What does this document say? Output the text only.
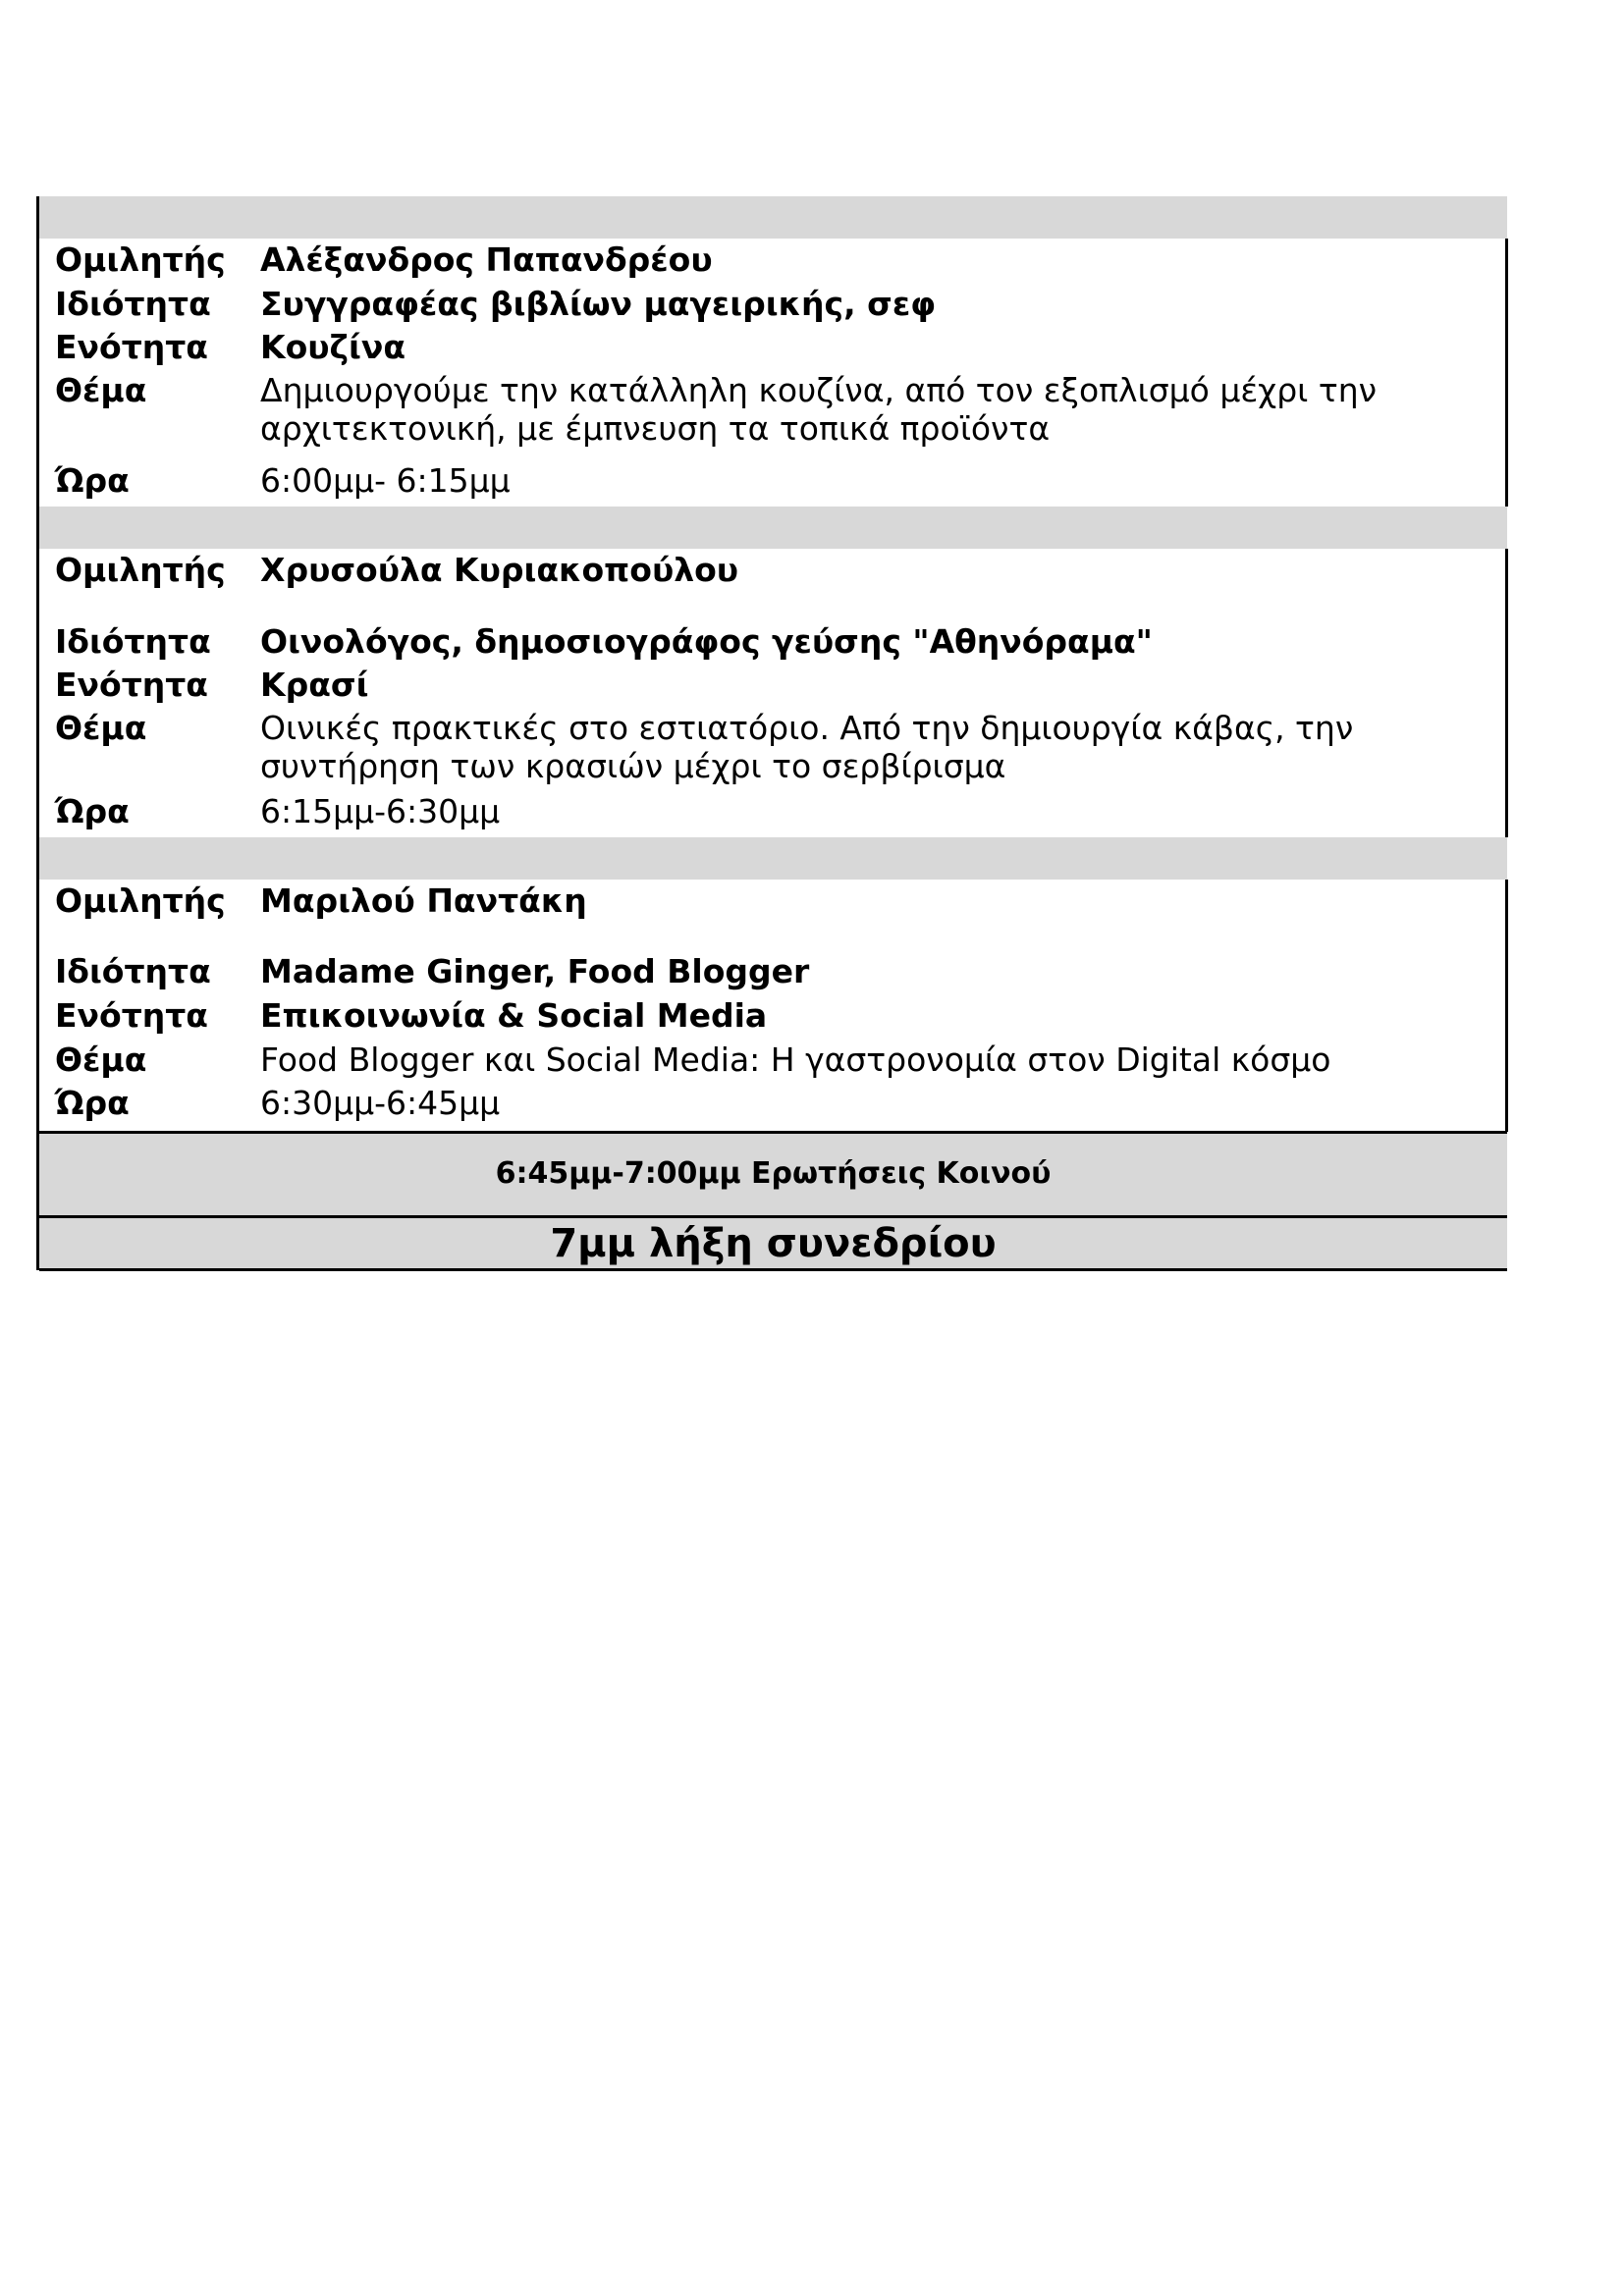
Ομιλητής Αλέξανδρος Παπανδρέου
Ιδιότητα Συγγραφέας βιβλίων μαγειρικής, σεφ
Ενότητα Κουζίνα
Θέμα	Δημιουργούμε την κατάλληλη κουζίνα, από τον εξοπλισμό μέχρι την αρχιτεκτονική, με έμπνευση τα τοπικά προϊόντα
Ώρα	6:00μμ- 6:15μμ
Ομιλητής Χρυσούλα Κυριακοπούλου
Ιδιότητα Οινολόγος, δημοσιογράφος γεύσης "Αθηνόραμα"
Ενότητα Κρασί
Θέμα	Οινικές πρακτικές στο εστιατόριο. Από την δημιουργία κάβας, την συντήρηση των κρασιών μέχρι το σερβίρισμα
Ώρα	6:15μμ-6:30μμ
Ομιλητής Μαριλού Παντάκη
Ιδιότητα Madame Ginger, Food Blogger
Ενότητα Επικοινωνία & Social Media
Θέμα	Food Blogger και Social Media: Η γαστρονομία στον Digital κόσμο
Ώρα	6:30μμ-6:45μμ
6:45μμ-7:00μμ Ερωτήσεις Κοινού
7μμ λήξη συνεδρίου
